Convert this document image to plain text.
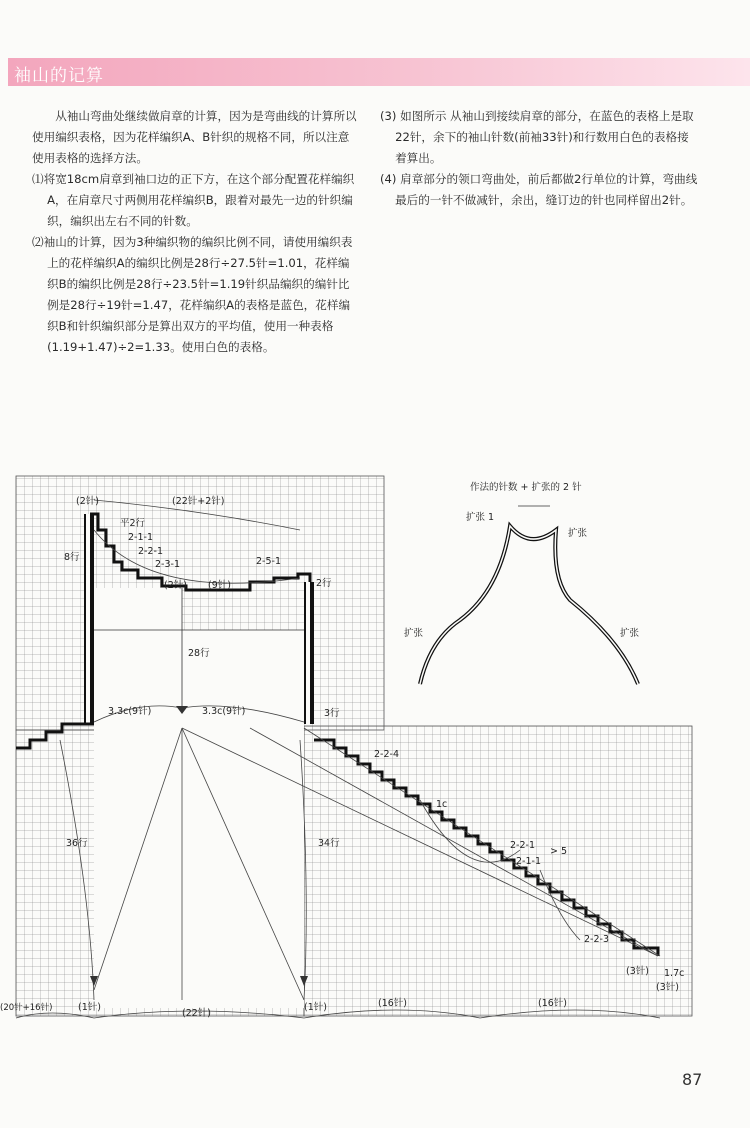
袖山的记算

从袖山弯曲处继续做肩章的计算，因为是弯曲线的计算所以使用编织表格，因为花样编织A、B针织的规格不同，所以注意使用表格的选择方法。

⑴将宽18cm肩章到袖口边的正下方，在这个部分配置花样编织A，在肩章尺寸两侧用花样编织B，跟着对最先一边的针织编织，编织出左右不同的针数。

⑵袖山的计算，因为3种编织物的编织比例不同，请使用编织表上的花样编织A的编织比例是28行÷27.5针=1.01，花样编织B的编织比例是28行÷23.5针=1.19针织品编织的编针比例是28行÷19针=1.47，花样编织A的表格是蓝色，花样编织B和针织编织部分是算出双方的平均值，使用一种表格(1.19+1.47)÷2=1.33。使用白色的表格。

(3) 如图所示 从袖山到接续肩章的部分，在蓝色的表格上是取22针，余下的袖山针数(前袖33针)和行数用白色的表格接着算出。

(4) 肩章部分的领口弯曲处，前后都做2行单位的计算，弯曲线最后的一针不做减针，余出，缝订边的针也同样留出2针。

(2针)	(22针+2针)
平2行
2-1-1
2-2-1
2-3-1	2-5-1
8行
2行
(2针) (9针)
28行
3.3c(9针)	3.3c(9针)	3行
2-2-4
1c
2-2-1
> 5
2-1-1
2-2-3
(3针) 1.7c
(3针)
36行	34行
(20针+16针)	(1针)
(22针)
(1针)	(16针)	(16针)
作法的针数 + 扩张的 2 针
扩张 1
扩张
扩张	扩张
87
